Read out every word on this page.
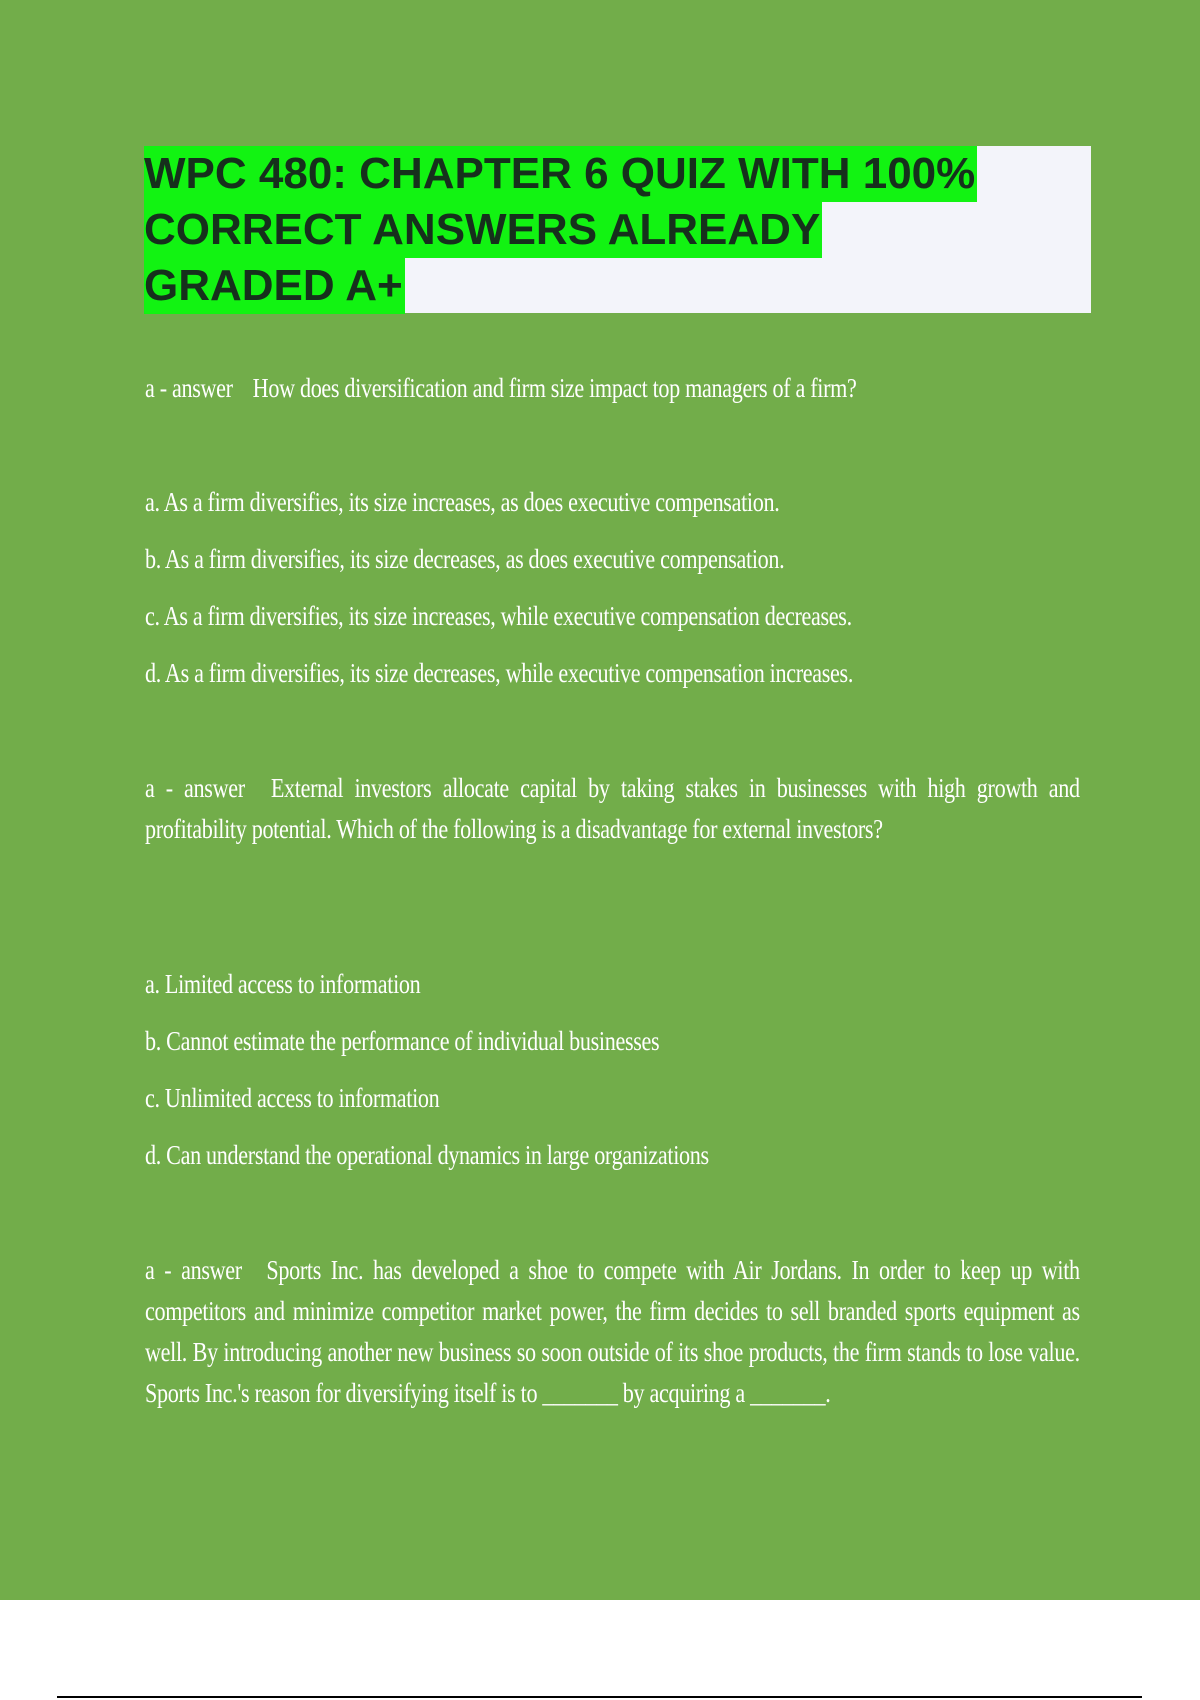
WPC 480: CHAPTER 6 QUIZ WITH 100%
CORRECT ANSWERS ALREADY
GRADED A+
a - answer How does diversification and firm size impact top managers of a firm?
a. As a firm diversifies, its size increases, as does executive compensation.
b. As a firm diversifies, its size decreases, as does executive compensation.
c. As a firm diversifies, its size increases, while executive compensation decreases.
d. As a firm diversifies, its size decreases, while executive compensation increases.
a - answer External investors allocate capital by taking stakes in businesses with high growth and profitability potential. Which of the following is a disadvantage for external investors?
a. Limited access to information
b. Cannot estimate the performance of individual businesses
c. Unlimited access to information
d. Can understand the operational dynamics in large organizations
a - answer Sports Inc. has developed a shoe to compete with Air Jordans. In order to keep up with competitors and minimize competitor market power, the firm decides to sell branded sports equipment as well. By introducing another new business so soon outside of its shoe products, the firm stands to lose value. Sports Inc.'s reason for diversifying itself is to _______ by acquiring a _______.
